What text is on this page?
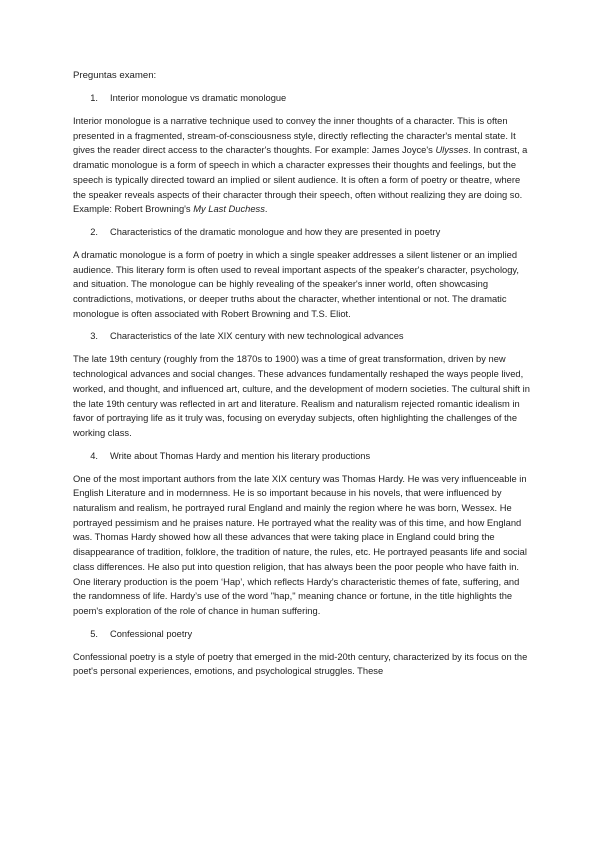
Preguntas examen:

1.	Interior monologue vs dramatic monologue

Interior monologue is a narrative technique used to convey the inner thoughts of a character. This is often presented in a fragmented, stream-of-consciousness style, directly reflecting the character's mental state. It gives the reader direct access to the character's thoughts. For example: James Joyce's Ulysses. In contrast, a dramatic monologue is a form of speech in which a character expresses their thoughts and feelings, but the speech is typically directed toward an implied or silent audience. It is often a form of poetry or theatre, where the speaker reveals aspects of their character through their speech, often without realizing they are doing so. Example: Robert Browning's My Last Duchess.

2.	Characteristics of the dramatic monologue and how they are presented in poetry

A dramatic monologue is a form of poetry in which a single speaker addresses a silent listener or an implied audience. This literary form is often used to reveal important aspects of the speaker's character, psychology, and situation. The monologue can be highly revealing of the speaker's inner world, often showcasing contradictions, motivations, or deeper truths about the character, whether intentional or not. The dramatic monologue is often associated with Robert Browning and T.S. Eliot.

3.	Characteristics of the late XIX century with new technological advances

The late 19th century (roughly from the 1870s to 1900) was a time of great transformation, driven by new technological advances and social changes. These advances fundamentally reshaped the ways people lived, worked, and thought, and influenced art, culture, and the development of modern societies. The cultural shift in the late 19th century was reflected in art and literature. Realism and naturalism rejected romantic idealism in favor of portraying life as it truly was, focusing on everyday subjects, often highlighting the challenges of the working class.

4.	Write about Thomas Hardy and mention his literary productions

One of the most important authors from the late XIX century was Thomas Hardy. He was very influenceable in English Literature and in modernness. He is so important because in his novels, that were influenced by naturalism and realism, he portrayed rural England and mainly the region where he was born, Wessex. He portrayed pessimism and he praises nature. He portrayed what the reality was of this time, and how England was. Thomas Hardy showed how all these advances that were taking place in England could bring the disappearance of tradition, folklore, the tradition of nature, the rules, etc. He portrayed peasants life and social class differences. He also put into question religion, that has always been the poor people who have faith in. One literary production is the poem ‘Hap’, which reflects Hardy’s characteristic themes of fate, suffering, and the randomness of life. Hardy’s use of the word "hap," meaning chance or fortune, in the title highlights the poem's exploration of the role of chance in human suffering.

5.	Confessional poetry

Confessional poetry is a style of poetry that emerged in the mid-20th century, characterized by its focus on the poet's personal experiences, emotions, and psychological struggles. These
